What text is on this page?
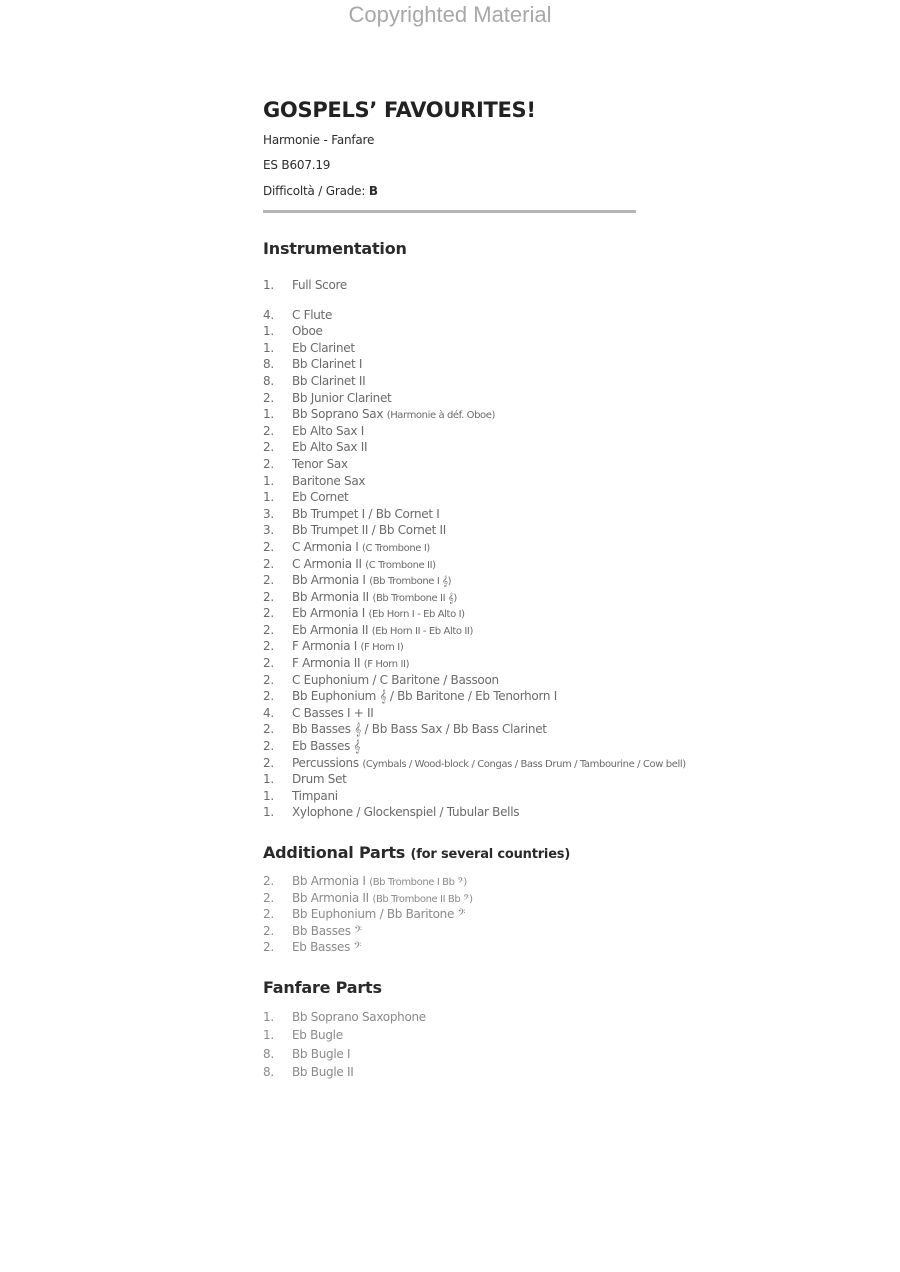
Copyrighted Material
GOSPELS’ FAVOURITES!

Harmonie - Fanfare

ES B607.19

Difficoltà / Grade: B

Instrumentation
1.	Full Score
4.	C Flute
1.	Oboe
1.	Eb Clarinet
8.	Bb Clarinet I
8.	Bb Clarinet II
2.	Bb Junior Clarinet
1.	Bb Soprano Sax (Harmonie à déf. Oboe)
2.	Eb Alto Sax I
2.	Eb Alto Sax II
2.	Tenor Sax
1.	Baritone Sax
1.	Eb Cornet
3.	Bb Trumpet I / Bb Cornet I
3.	Bb Trumpet II / Bb Cornet II
2.	C Armonia I (C Trombone I)
2.	C Armonia II (C Trombone II)
2.	Bb Armonia I (Bb Trombone I 𝄞)
2.	Bb Armonia II (Bb Trombone II 𝄞)
2.	Eb Armonia I (Eb Horn I - Eb Alto I)
2.	Eb Armonia II (Eb Horn II - Eb Alto II)
2.	F Armonia I (F Horn I)
2.	F Armonia II (F Horn II)
2.	C Euphonium / C Baritone / Bassoon
2.	Bb Euphonium 𝄞 / Bb Baritone / Eb Tenorhorn I
4.	C Basses I + II
2.	Bb Basses 𝄞 / Bb Bass Sax / Bb Bass Clarinet
2.	Eb Basses 𝄞
2.	Percussions (Cymbals / Wood-block / Congas / Bass Drum / Tambourine / Cow bell)
1.	Drum Set
1.	Timpani
1.	Xylophone / Glockenspiel / Tubular Bells
Additional Parts (for several countries)
2.	Bb Armonia I (Bb Trombone I Bb 𝄢)
2.	Bb Armonia II (Bb Trombone II Bb 𝄢)
2.	Bb Euphonium / Bb Baritone 𝄢
2.	Bb Basses 𝄢
2.	Eb Basses 𝄢
Fanfare Parts
1.	Bb Soprano Saxophone
1.	Eb Bugle
8.	Bb Bugle I
8.	Bb Bugle II
